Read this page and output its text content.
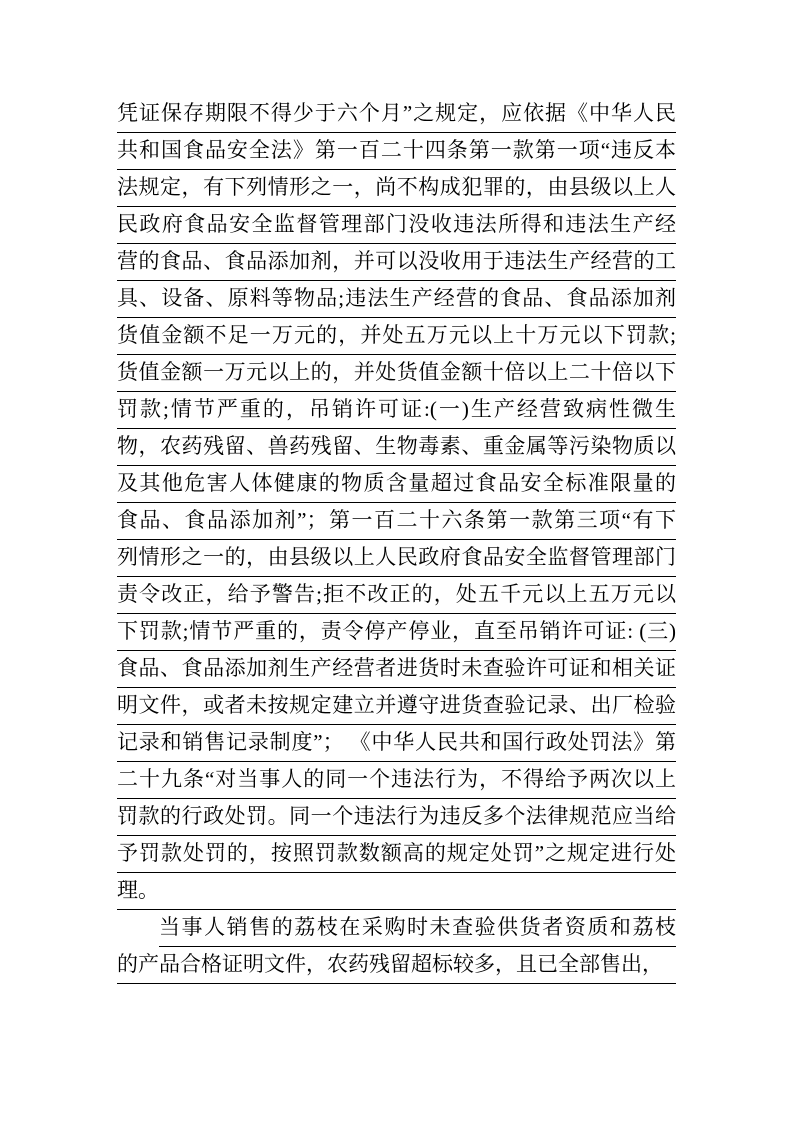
凭证保存期限不得少于六个月”之规定，应依据《中华人民
共和国食品安全法》第一百二十四条第一款第一项“违反本
法规定，有下列情形之一，尚不构成犯罪的，由县级以上人
民政府食品安全监督管理部门没收违法所得和违法生产经
营的食品、食品添加剂，并可以没收用于违法生产经营的工
具、设备、原料等物品;违法生产经营的食品、食品添加剂
货值金额不足一万元的，并处五万元以上十万元以下罚款;
货值金额一万元以上的，并处货值金额十倍以上二十倍以下
罚款;情节严重的，吊销许可证:(一)生产经营致病性微生
物，农药残留、兽药残留、生物毒素、重金属等污染物质以
及其他危害人体健康的物质含量超过食品安全标准限量的
食品、食品添加剂”；第一百二十六条第一款第三项“有下
列情形之一的，由县级以上人民政府食品安全监督管理部门
责令改正，给予警告;拒不改正的，处五千元以上五万元以
下罚款;情节严重的，责令停产停业，直至吊销许可证: (三)
食品、食品添加剂生产经营者进货时未查验许可证和相关证
明文件，或者未按规定建立并遵守进货查验记录、出厂检验
记录和销售记录制度”； 《中华人民共和国行政处罚法》第
二十九条“对当事人的同一个违法行为，不得给予两次以上
罚款的行政处罚。同一个违法行为违反多个法律规范应当给
予罚款处罚的，按照罚款数额高的规定处罚”之规定进行处
理。
当事人销售的荔枝在采购时未查验供货者资质和荔枝
的产品合格证明文件，农药残留超标较多，且已全部售出，
